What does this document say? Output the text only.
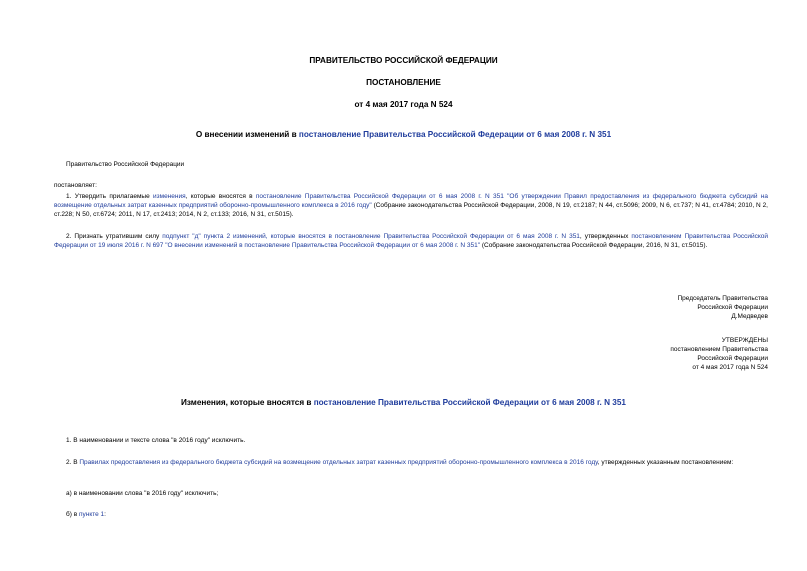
ПРАВИТЕЛЬСТВО РОССИЙСКОЙ ФЕДЕРАЦИИ
ПОСТАНОВЛЕНИЕ
от 4 мая 2017 года N 524
О внесении изменений в постановление Правительства Российской Федерации от 6 мая 2008 г. N 351
Правительство Российской Федерации
постановляет:
1. Утвердить прилагаемые изменения, которые вносятся в постановление Правительства Российской Федерации от 6 мая 2008 г. N 351 "Об утверждении Правил предоставления из федерального бюджета субсидий на возмещение отдельных затрат казенных предприятий оборонно-промышленного комплекса в 2016 году" (Собрание законодательства Российской Федерации, 2008, N 19, ст.2187; N 44, ст.5096; 2009, N 6, ст.737; N 41, ст.4784; 2010, N 2, ст.228; N 50, ст.6724; 2011, N 17, ст.2413; 2014, N 2, ст.133; 2016, N 31, ст.5015).
2. Признать утратившим силу подпункт "д" пункта 2 изменений, которые вносятся в постановление Правительства Российской Федерации от 6 мая 2008 г. N 351, утвержденных постановлением Правительства Российской Федерации от 19 июля 2016 г. N 697 "О внесении изменений в постановление Правительства Российской Федерации от 6 мая 2008 г. N 351" (Собрание законодательства Российской Федерации, 2016, N 31, ст.5015).
Председатель Правительства
Российской Федерации
Д.Медведев
УТВЕРЖДЕНЫ
постановлением Правительства
Российской Федерации
от 4 мая 2017 года N 524
Изменения, которые вносятся в постановление Правительства Российской Федерации от 6 мая 2008 г. N 351
1. В наименовании и тексте слова "в 2016 году" исключить.
2. В Правилах предоставления из федерального бюджета субсидий на возмещение отдельных затрат казенных предприятий оборонно-промышленного комплекса в 2016 году, утвержденных указанным постановлением:
а) в наименовании слова "в 2016 году" исключить;
б) в пункте 1:
